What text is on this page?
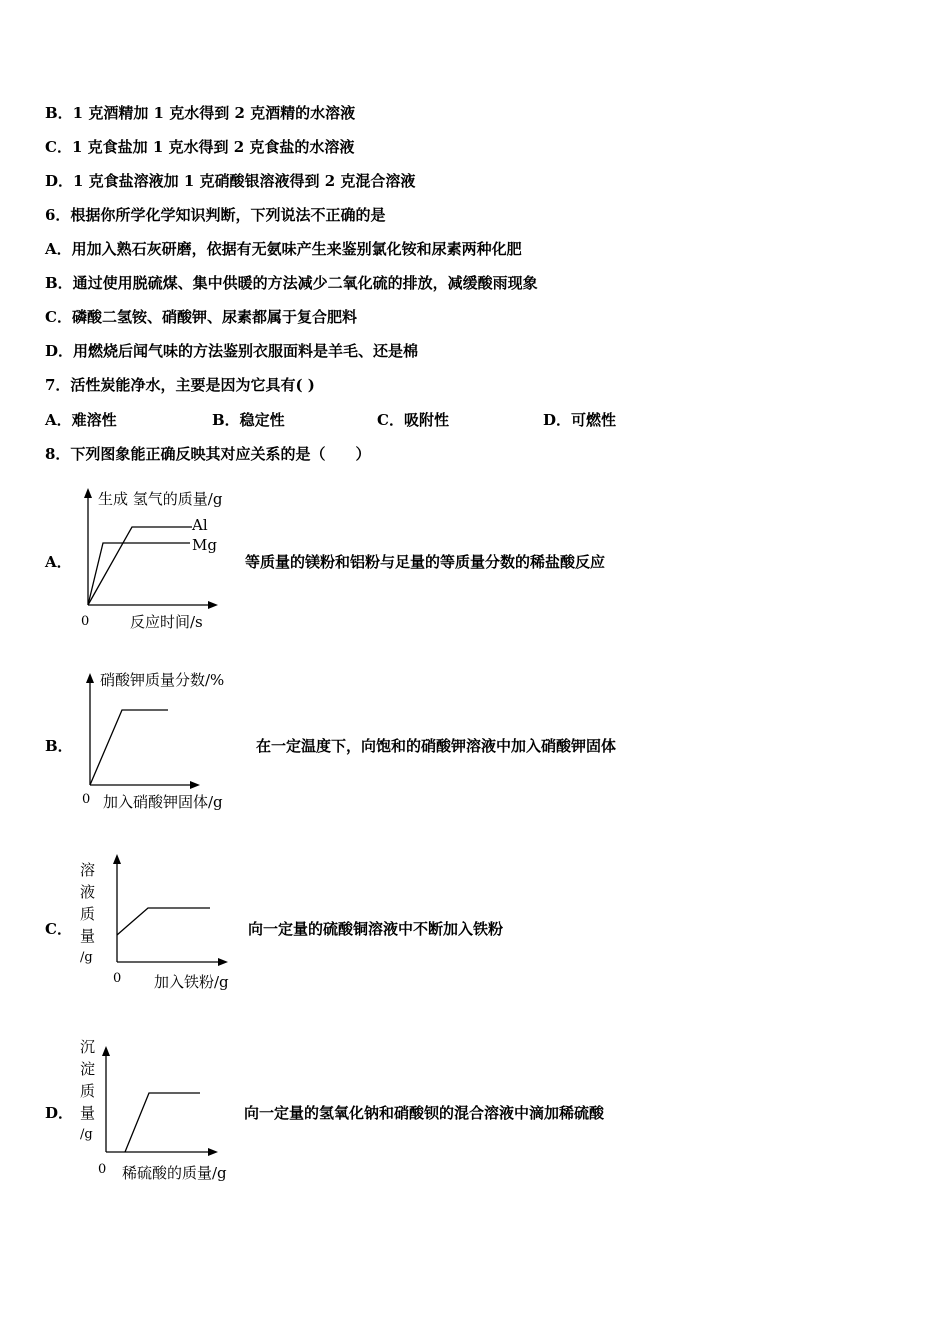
B．1 克酒精加 1 克水得到 2 克酒精的水溶液
C．1 克食盐加 1 克水得到 2 克食盐的水溶液
D．1 克食盐溶液加 1 克硝酸银溶液得到 2 克混合溶液
6．根据你所学化学知识判断，下列说法不正确的是
A．用加入熟石灰研磨，依据有无氨味产生来鉴别氯化铵和尿素两种化肥
B．通过使用脱硫煤、集中供暖的方法减少二氧化硫的排放，减缓酸雨现象
C．磷酸二氢铵、硝酸钾、尿素都属于复合肥料
D．用燃烧后闻气味的方法鉴别衣服面料是羊毛、还是棉
7．活性炭能净水，主要是因为它具有( )
A．难溶性	B．稳定性	C．吸附性	D．可燃性
8．下列图象能正确反映其对应关系的是（　　）
A．
生成 氢气的质量/g
Al
Mg
0	反应时间/s
等质量的镁粉和铝粉与足量的等质量分数的稀盐酸反应
B．
硝酸钾质量分数/%
0 加入硝酸钾固体/g
在一定温度下，向饱和的硝酸钾溶液中加入硝酸钾固体
C．
溶
液
质
量
/g
0 加入铁粉/g
向一定量的硫酸铜溶液中不断加入铁粉
D．
沉
淀
质
量
/g
0 稀硫酸的质量/g
向一定量的氢氧化钠和硝酸钡的混合溶液中滴加稀硫酸
